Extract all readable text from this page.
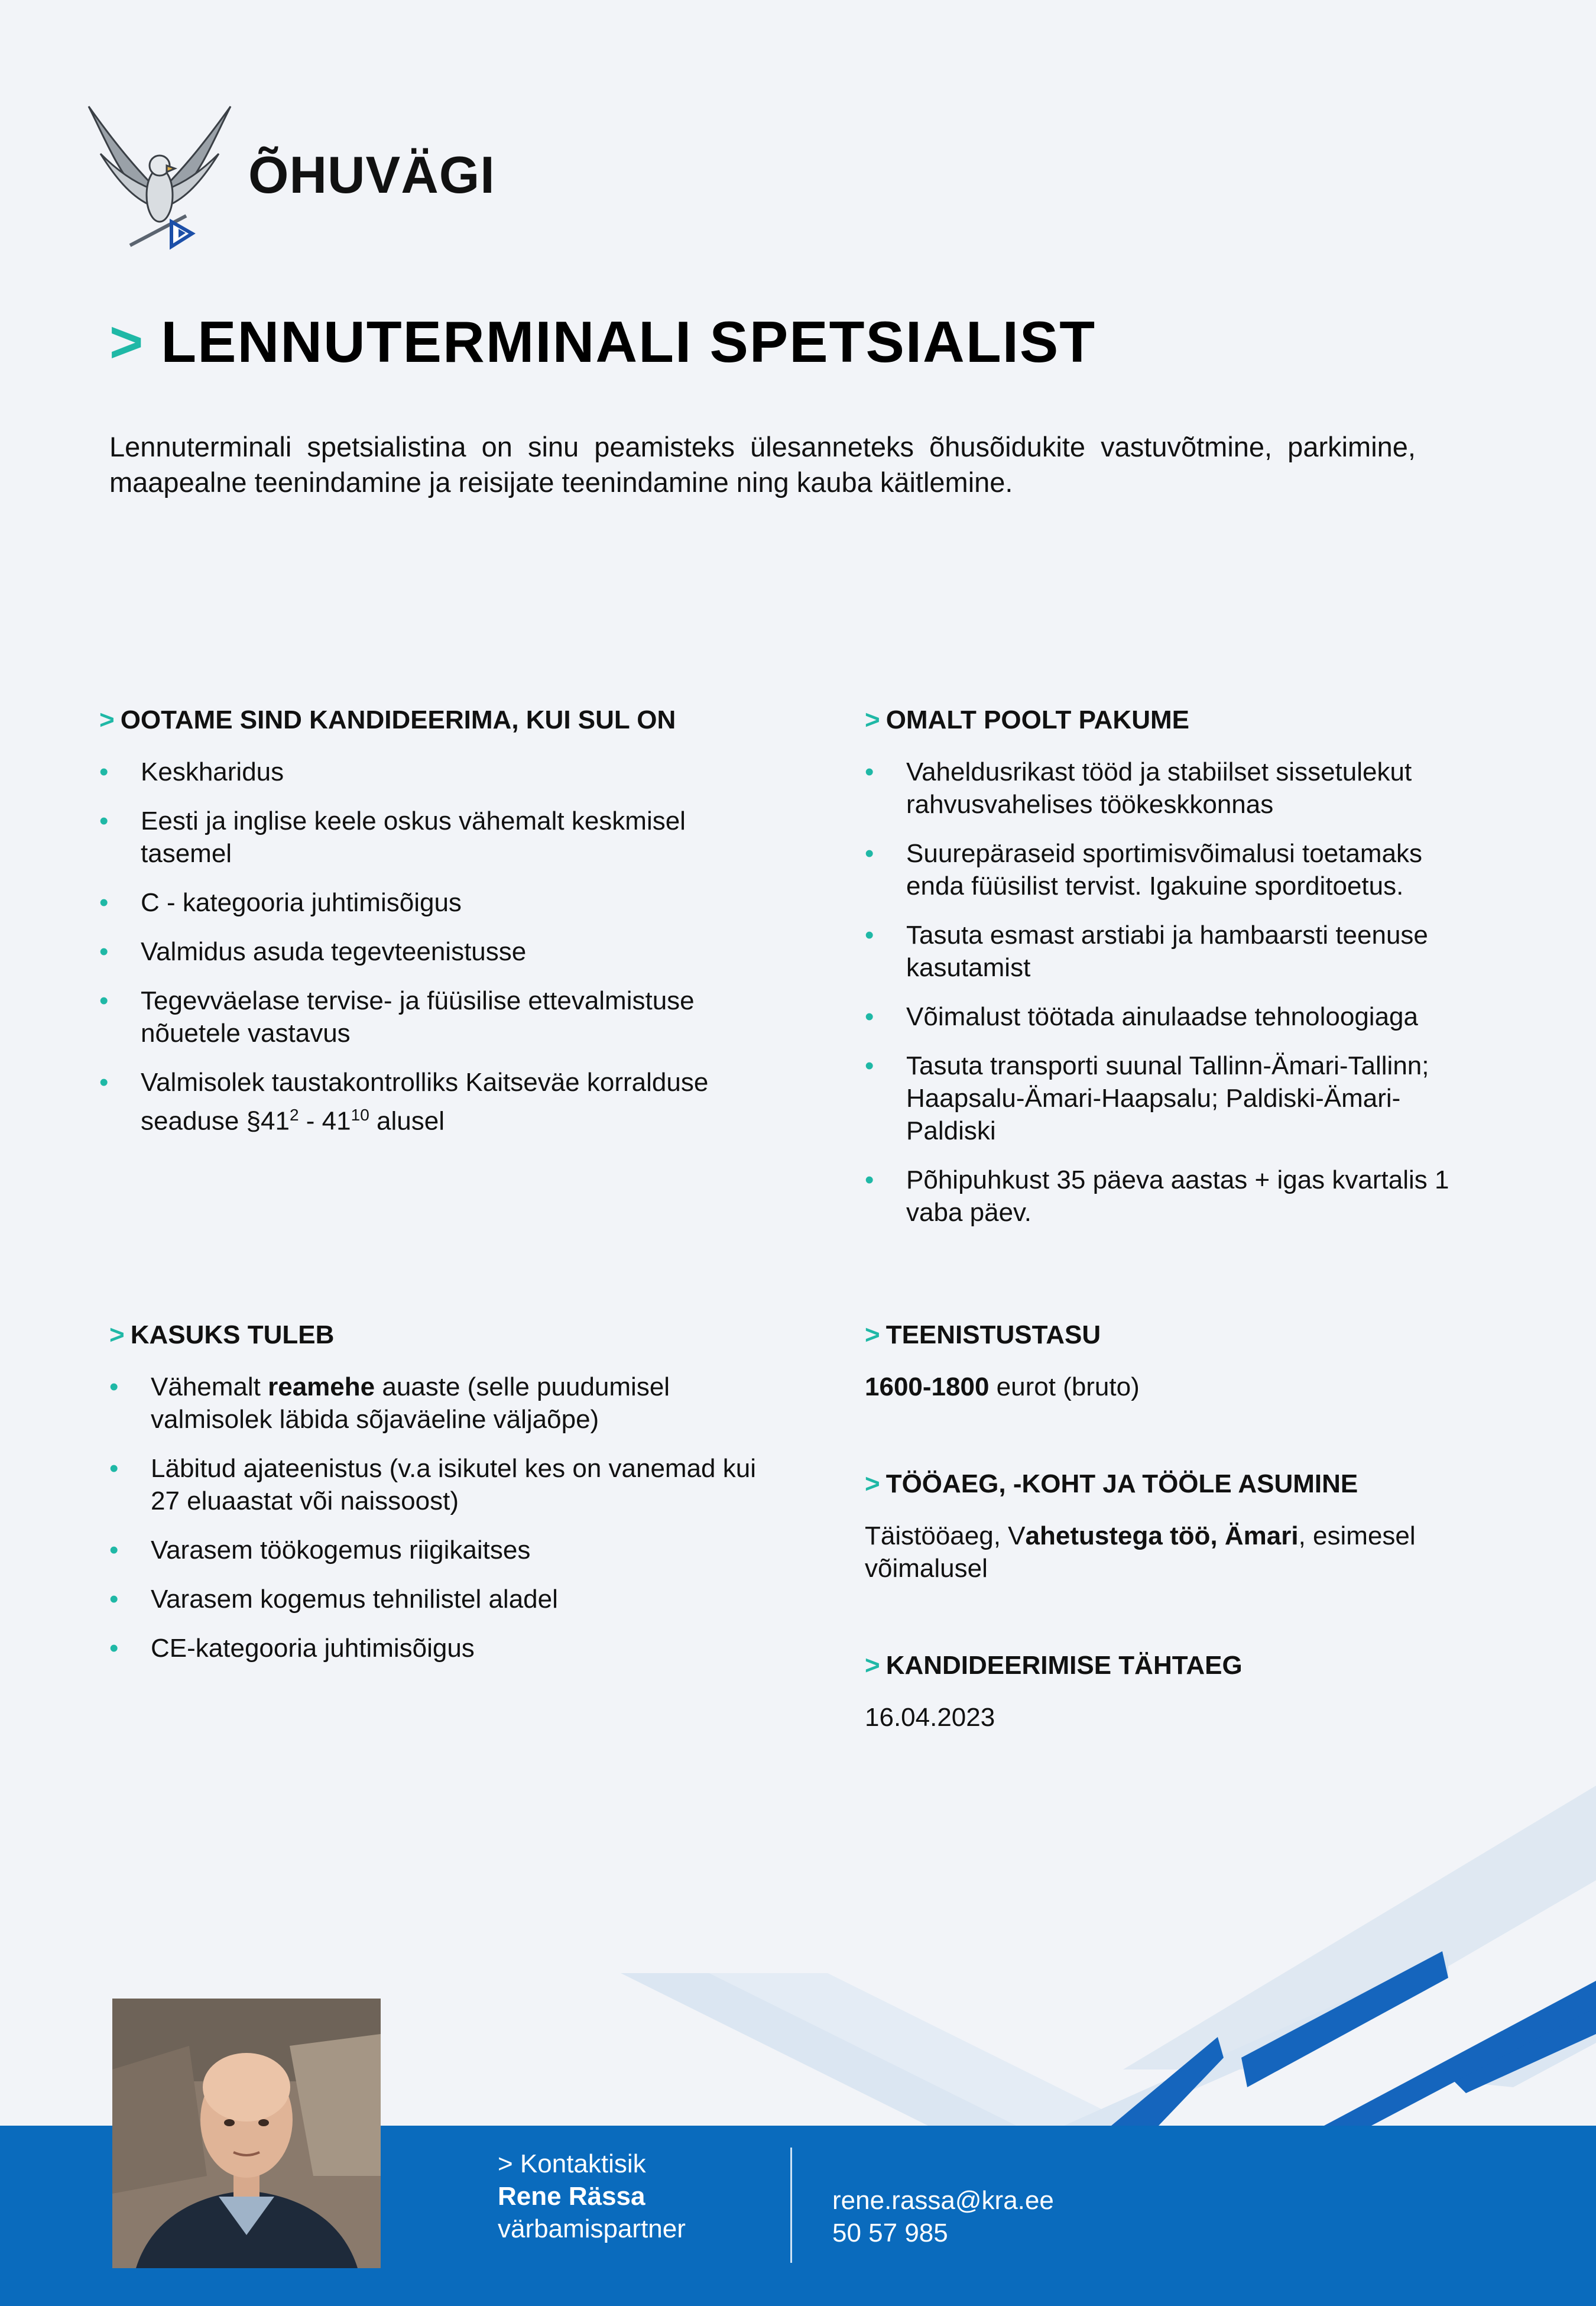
ÕHUVÄGI
> LENNUTERMINALI SPETSIALIST
Lennuterminali spetsialistina on sinu peamisteks ülesanneteks õhusõidukite vastuvõtmine, parkimine, maapealne teenindamine ja reisijate teenindamine ning kauba käitlemine.
> OOTAME SIND KANDIDEERIMA, KUI SUL ON
• Keskharidus
• Eesti ja inglise keele oskus vähemalt keskmisel tasemel
• C - kategooria juhtimisõigus
• Valmidus asuda tegevteenistusse
• Tegevväelase tervise- ja füüsilise ettevalmistuse nõuetele vastavus
• Valmisolek taustakontrolliks Kaitseväe korralduse seaduse $\S 41^2 - 41^{10}$ alusel
> OMALT POOLT PAKUME
• Vaheldusrikast tööd ja stabiilset sissetulekut rahvusvahelises töökeskkonnas
• Suurepäraseid sportimisvõimalusi toetamaks enda füüsilist tervist. Igakuine sporditoetus.
• Tasuta esmast arstiabi ja hambaarsti teenuse kasutamist
• Võimalust töötada ainulaadse tehnoloogiaga
• Tasuta transporti suunal Tallinn-Ämari-Tallinn; Haapsalu-Ämari-Haapsalu; Paldiski-Ämari-Paldiski
• Põhipuhkust 35 päeva aastas + igas kvartalis 1 vaba päev.
> KASUKS TULEB
• Vähemalt reamehe auaste (selle puudumisel valmisolek läbida sõjaväeline väljaõpe)
• Läbitud ajateenistus (v.a isikutel kes on vanemad kui 27 eluaastat või naissoost)
• Varasem töökogemus riigikaitses
• Varasem kogemus tehnilistel aladel
• CE-kategooria juhtimisõigus
> TEENISTUSTASU
1600-1800 eurot (bruto)
> TÖÖAEG, -KOHT JA TÖÖLE ASUMINE
Täistööaeg, Vahetustega töö, Ämari, esimesel võimalusel
> KANDIDEERIMISE TÄHTAEG
16.04.2023
> Kontaktisik
Rene Rässa
värbamispartner
rene.rassa@kra.ee
50 57 985
